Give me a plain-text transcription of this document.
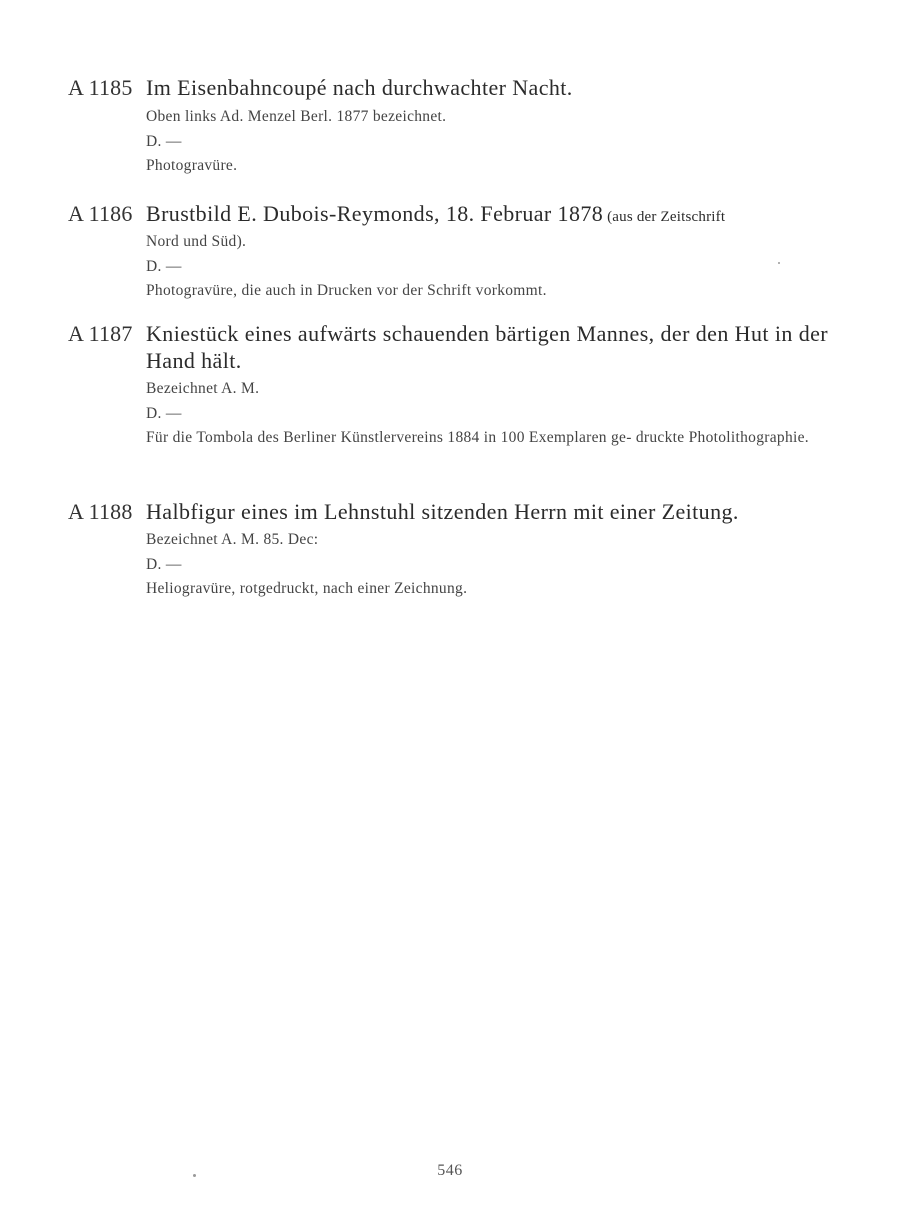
A 1185 Im Eisenbahncoupé nach durchwachter Nacht.
Oben links Ad. Menzel Berl. 1877 bezeichnet.
D. —
Photogravüre.
A 1186 Brustbild E. Dubois‑Reymonds, 18. Februar 1878 (aus der Zeitschrift
Nord und Süd).
D. —
Photogravüre, die auch in Drucken vor der Schrift vorkommt.
A 1187 Kniestück eines aufwärts schauenden bärtigen Mannes, der den Hut in der Hand hält.
Bezeichnet A. M.
D. —
Für die Tombola des Berliner Künstlervereins 1884 in 100 Exemplaren ge‑ druckte Photolithographie.
A 1188 Halbfigur eines im Lehnstuhl sitzenden Herrn mit einer Zeitung.
Bezeichnet A. M. 85. Dec:
D. —
Heliogravüre, rotgedruckt, nach einer Zeichnung.
546
